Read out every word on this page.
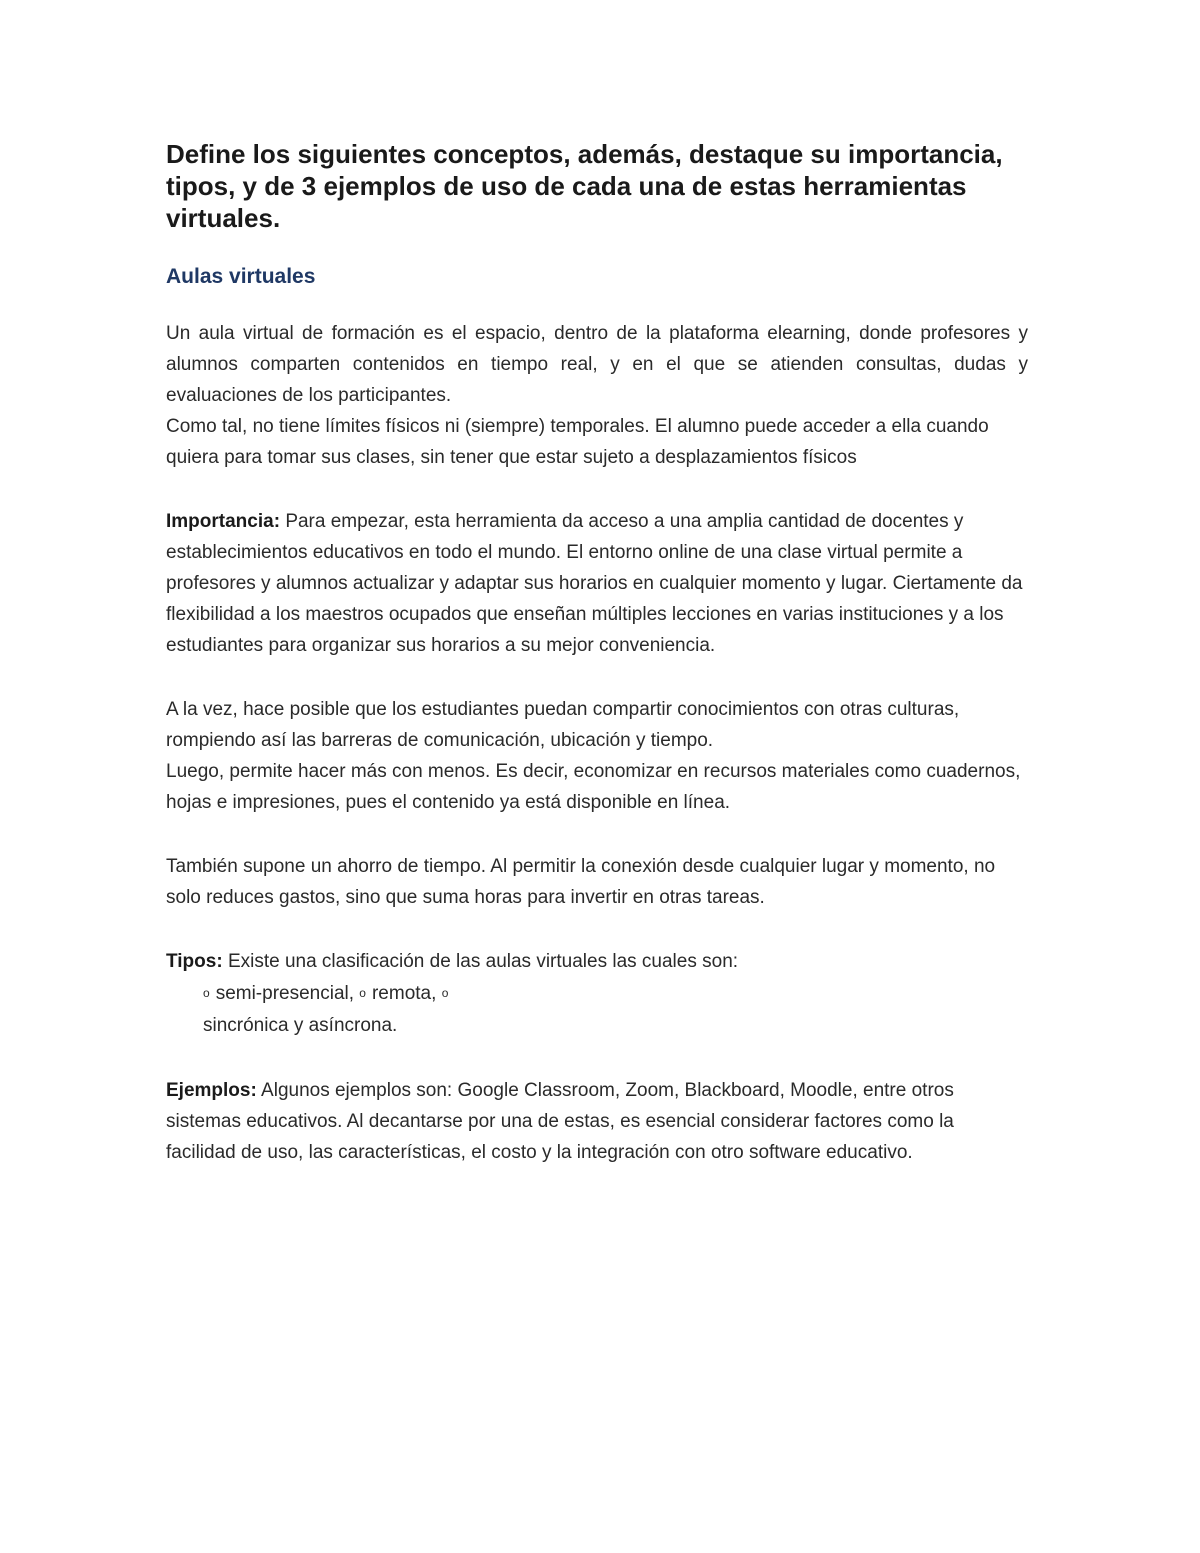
Define los siguientes conceptos, además, destaque su importancia, tipos, y de 3 ejemplos de uso de cada una de estas herramientas virtuales.
Aulas virtuales

Un aula virtual de formación es el espacio, dentro de la plataforma elearning, donde profesores y alumnos comparten contenidos en tiempo real, y en el que se atienden consultas, dudas y evaluaciones de los participantes.

Como tal, no tiene límites físicos ni (siempre) temporales. El alumno puede acceder a ella cuando quiera para tomar sus clases, sin tener que estar sujeto a desplazamientos físicos

Importancia: Para empezar, esta herramienta da acceso a una amplia cantidad de docentes y establecimientos educativos en todo el mundo. El entorno online de una clase virtual permite a profesores y alumnos actualizar y adaptar sus horarios en cualquier momento y lugar. Ciertamente da flexibilidad a los maestros ocupados que enseñan múltiples lecciones en varias instituciones y a los estudiantes para organizar sus horarios a su mejor conveniencia.

A la vez, hace posible que los estudiantes puedan compartir conocimientos con otras culturas, rompiendo así las barreras de comunicación, ubicación y tiempo.

Luego, permite hacer más con menos. Es decir, economizar en recursos materiales como cuadernos, hojas e impresiones, pues el contenido ya está disponible en línea.

También supone un ahorro de tiempo. Al permitir la conexión desde cualquier lugar y momento, no solo reduces gastos, sino que suma horas para invertir en otras tareas.

Tipos: Existe una clasificación de las aulas virtuales las cuales son:

o semi-presencial, o remota, osincrónica y asíncrona.

Ejemplos: Algunos ejemplos son: Google Classroom, Zoom, Blackboard, Moodle, entre otros sistemas educativos. Al decantarse por una de estas, es esencial considerar factores como la facilidad de uso, las características, el costo y la integración con otro software educativo.
